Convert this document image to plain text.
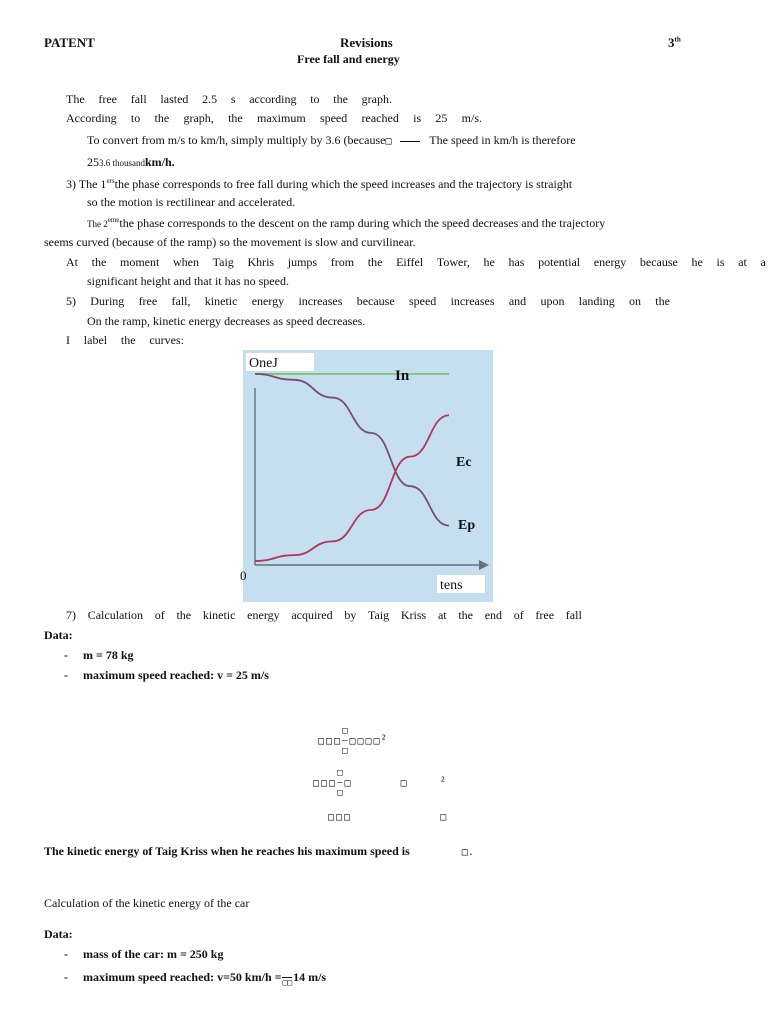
PATENT	Revisions	3th
Free fall and energy
The free fall lasted 2.5 s according to the graph.
According to the graph, the maximum speed reached is 25 m/s.
To convert from m/s to km/h, simply multiply by 3.6 (because□	The speed in km/h is therefore
253.6 thousandkm/h.
3) The 1ersthe phase corresponds to free fall during which the speed increases and the trajectory is straight
so the motion is rectilinear and accelerated.
The 2emethe phase corresponds to the descent on the ramp during which the speed decreases and the trajectory
seems curved (because of the ramp) so the movement is slow and curvilinear.
At the moment when Taig Khris jumps from the Eiffel Tower, he has potential energy because he is at a
significant height and that it has no speed.
5) During free fall, kinetic energy increases because speed increases and upon landing on the
On the ramp, kinetic energy decreases as speed decreases.
I label the curves:
OneJ
0
tens
In
Ec
Ep
7) Calculation of the kinetic energy acquired by Taig Kriss at the end of free fall
Data:
-     m = 78 kg
-     maximum speed reached: v = 25 m/s
□□□□
—
□□□□□$^2$
□□□□
—
□□      □    $^2$
□□□           □
The kinetic energy of Taig Kriss when he reaches his maximum speed is	□.
Calculation of the kinetic energy of the car
Data:
-     mass of the car: m = 250 kg
-     maximum speed reached: v=50 km/h =□□14 m/s
